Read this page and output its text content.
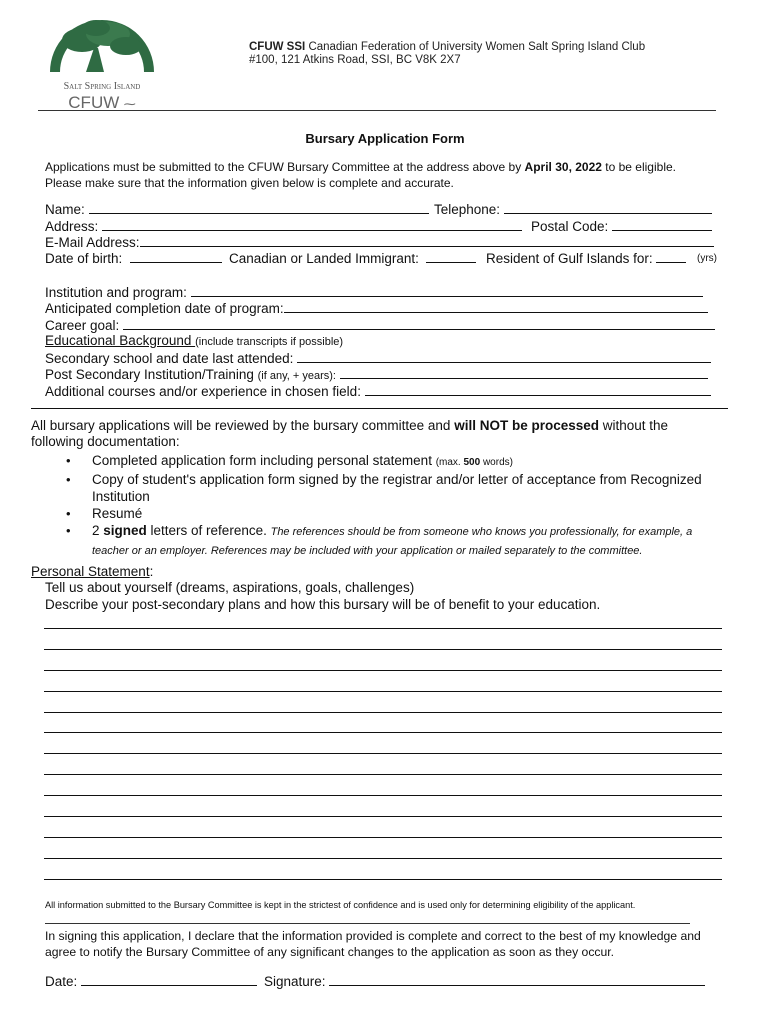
Salt Spring Island
CFUW ⁓
CFUW SSI Canadian Federation of University Women Salt Spring Island Club
#100, 121 Atkins Road, SSI, BC V8K 2X7
Bursary Application Form
Applications must be submitted to the CFUW Bursary Committee at the address above by April 30, 2022 to be eligible.
Please make sure that the information given below is complete and accurate.
Name:	Telephone:
Address:	Postal Code:
E-Mail Address:
Date of birth:	Canadian or Landed Immigrant:	Resident of Gulf Islands for:	(yrs)
Institution and program:
Anticipated completion date of program:
Career goal:
Educational Background (include transcripts if possible)
Secondary school and date last attended:
Post Secondary Institution/Training (if any, + years):
Additional courses and/or experience in chosen field:
All bursary applications will be reviewed by the bursary committee and will NOT be processed without the
following documentation:
• Completed application form including personal statement (max. 500 words)
• Copy of student's application form signed by the registrar and/or letter of acceptance from Recognized Institution
• Resumé
• 2 signed letters of reference. The references should be from someone who knows you professionally, for example, a teacher or an employer. References may be included with your application or mailed separately to the committee.
Personal Statement:
Tell us about yourself (dreams, aspirations, goals, challenges)
Describe your post-secondary plans and how this bursary will be of benefit to your education.
All information submitted to the Bursary Committee is kept in the strictest of confidence and is used only for determining eligibility of the applicant.
In signing this application, I declare that the information provided is complete and correct to the best of my knowledge and
agree to notify the Bursary Committee of any significant changes to the application as soon as they occur.
Date:	Signature:
